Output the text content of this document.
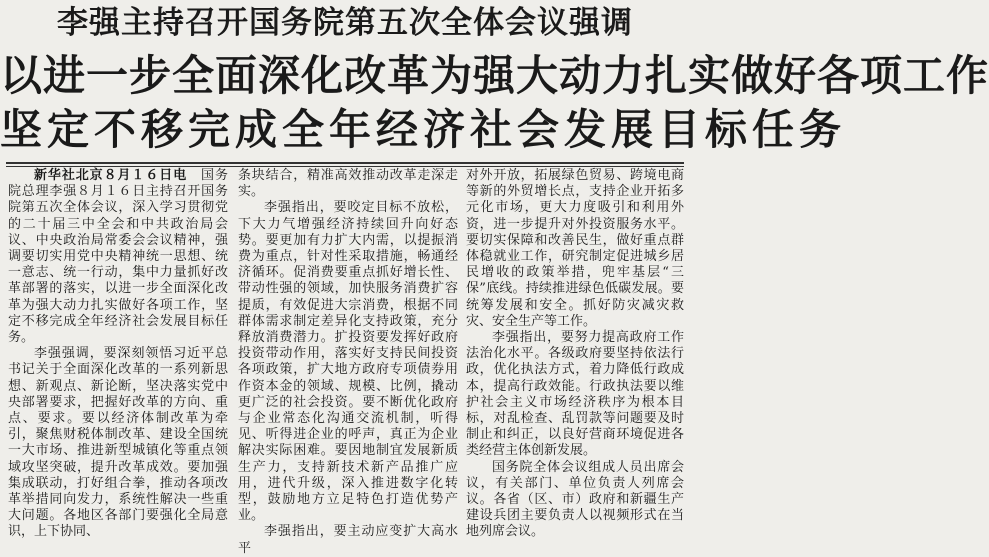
李强主持召开国务院第五次全体会议强调
以进一步全面深化改革为强大动力扎实做好各项工作
坚定不移完成全年经济社会发展目标任务

新华社北京８月１６日电　 国务院总理李强８月１６日主持召开国务院第五次全体会议，深入学习贯彻党的二十届三中全会和中共政治局会议、中央政治局常委会会议精神，强调要切实用党中央精神统一思想、统一意志、统一行动，集中力量抓好改革部署的落实，以进一步全面深化改革为强大动力扎实做好各项工作，坚定不移完成全年经济社会发展目标任务。

李强强调，要深刻领悟习近平总书记关于全面深化改革的一系列新思想、新观点、新论断，坚决落实党中央部署要求，把握好改革的方向、重点、要求。要以经济体制改革为牵引，聚焦财税体制改革、建设全国统一大市场、推进新型城镇化等重点领域攻坚突破，提升改革成效。要加强集成联动，打好组合拳，推动各项改革举措同向发力，系统性解决一些重大问题。各地区各部门要强化全局意识，上下协同、

条块结合，精准高效推动改革走深走实。

李强指出，要咬定目标不放松，下大力气增强经济持续回升向好态势。要更加有力扩大内需，以提振消费为重点，针对性采取措施，畅通经济循环。促消费要重点抓好增长性、带动性强的领域，加快服务消费扩容提质，有效促进大宗消费，根据不同群体需求制定差异化支持政策，充分释放消费潜力。扩投资要发挥好政府投资带动作用，落实好支持民间投资各项政策，扩大地方政府专项债券用作资本金的领域、规模、比例，撬动更广泛的社会投资。要不断优化政府与企业常态化沟通交流机制，听得见、听得进企业的呼声，真正为企业解决实际困难。要因地制宜发展新质生产力，支持新技术新产品推广应用，进代升级，深入推进数字化转型，鼓励地方立足特色打造优势产业。

李强指出，要主动应变扩大高水平

对外开放，拓展绿色贸易、跨境电商等新的外贸增长点，支持企业开拓多元化市场，更大力度吸引和利用外资，进一步提升对外投资服务水平。要切实保障和改善民生，做好重点群体稳就业工作，研究制定促进城乡居民增收的政策举措，兜牢基层“三保”底线。持续推进绿色低碳发展。要统筹发展和安全。抓好防灾减灾救灾、安全生产等工作。

李强指出，要努力提高政府工作法治化水平。各级政府要坚持依法行政，优化执法方式，着力降低行政成本，提高行政效能。行政执法要以维护社会主义市场经济秩序为根本目标，对乱检查、乱罚款等问题要及时制止和纠正，以良好营商环境促进各类经营主体创新发展。

国务院全体会议组成人员出席会议，有关部门、单位负责人列席会议。各省（区、市）政府和新疆生产建设兵团主要负责人以视频形式在当地列席会议。
